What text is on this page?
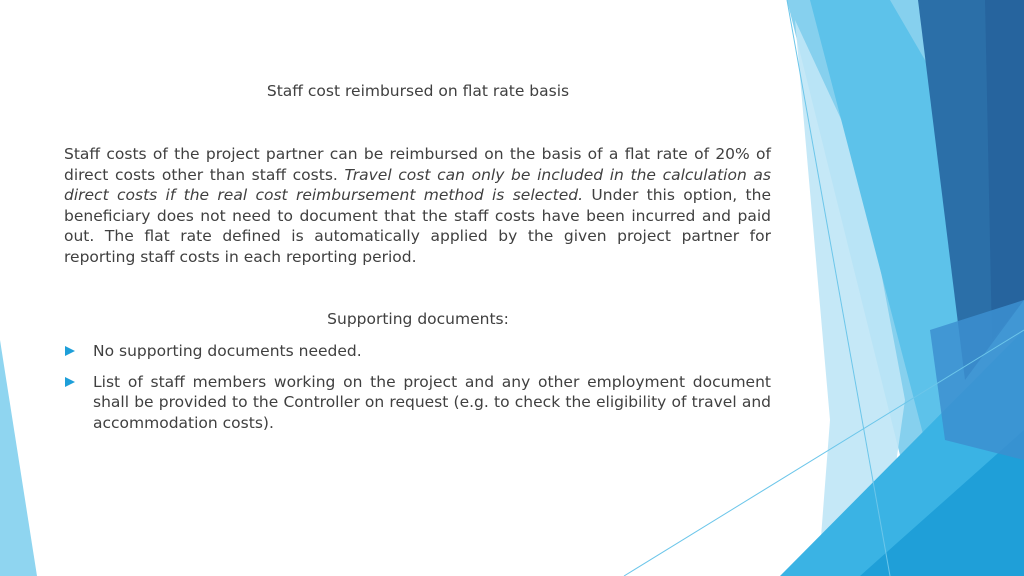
Staff cost reimbursed on flat rate basis

Staff costs of the project partner can be reimbursed on the basis of a flat rate of 20% of direct costs other than staff costs. Travel cost can only be included in the calculation as direct costs if the real cost reimbursement method is selected. Under this option, the beneficiary does not need to document that the staff costs have been incurred and paid out. The flat rate defined is automatically applied by the given project partner for reporting staff costs in each reporting period.

Supporting documents:

No supporting documents needed.
List of staff members working on the project and any other employment document shall be provided to the Controller on request (e.g. to check the eligibility of travel and accommodation costs).
